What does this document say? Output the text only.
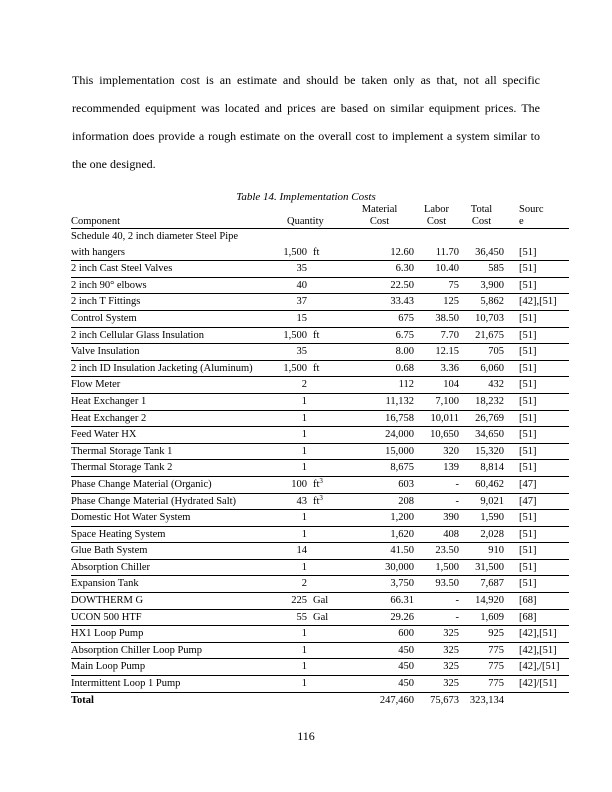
This implementation cost is an estimate and should be taken only as that, not all specific recommended equipment was located and prices are based on similar equipment prices. The information does provide a rough estimate on the overall cost to implement a system similar to the one designed.

Table 14. Implementation Costs
			Material	Labor	Total	Sourc
Component	Quantity		Cost	Cost	Cost	e
Schedule 40, 2 inch diameter Steel Pipe						
with hangers	1,500	ft	12.60	11.70	36,450	[51]
2 inch Cast Steel Valves	35		6.30	10.40	585	[51]
2 inch 90° elbows	40		22.50	75	3,900	[51]
2 inch T Fittings	37		33.43	125	5,862	[42],[51]
Control System	15		675	38.50	10,703	[51]
2 inch Cellular Glass Insulation	1,500	ft	6.75	7.70	21,675	[51]
Valve Insulation	35		8.00	12.15	705	[51]
2 inch ID Insulation Jacketing (Aluminum)	1,500	ft	0.68	3.36	6,060	[51]
Flow Meter	2		112	104	432	[51]
Heat Exchanger 1	1		11,132	7,100	18,232	[51]
Heat Exchanger 2	1		16,758	10,011	26,769	[51]
Feed Water HX	1		24,000	10,650	34,650	[51]
Thermal Storage Tank 1	1		15,000	320	15,320	[51]
Thermal Storage Tank 2	1		8,675	139	8,814	[51]
Phase Change Material (Organic)	100	$ft^3$	603	-	60,462	[47]
Phase Change Material (Hydrated Salt)	43	$ft^3$	208	-	9,021	[47]
Domestic Hot Water System	1		1,200	390	1,590	[51]
Space Heating System	1		1,620	408	2,028	[51]
Glue Bath System	14		41.50	23.50	910	[51]
Absorption Chiller	1		30,000	1,500	31,500	[51]
Expansion Tank	2		3,750	93.50	7,687	[51]
DOWTHERM G	225	Gal	66.31	-	14,920	[68]
UCON 500 HTF	55	Gal	29.26	-	1,609	[68]
HX1 Loop Pump	1		600	325	925	[42],[51]
Absorption Chiller Loop Pump	1		450	325	775	[42],[51]
Main Loop Pump	1		450	325	775	[42],/[51]
Intermittent Loop 1 Pump	1		450	325	775	[42]/[51]
Total			247,460	75,673	323,134	
116
